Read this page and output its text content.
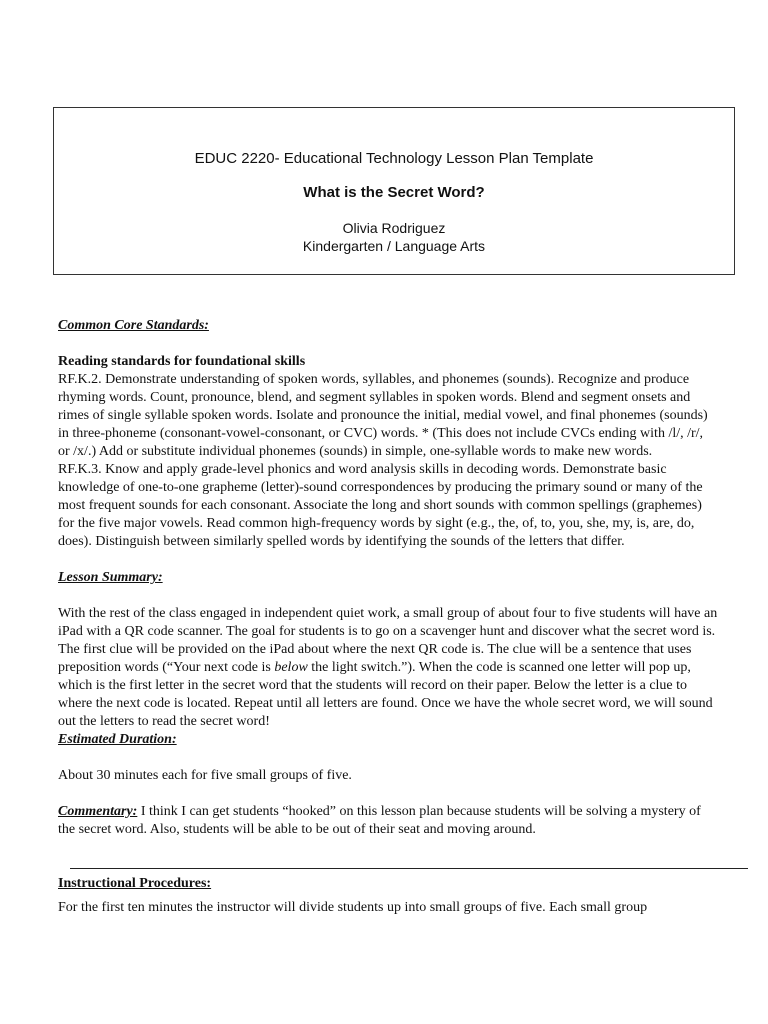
EDUC 2220- Educational Technology Lesson Plan Template
What is the Secret Word?
Olivia Rodriguez
Kindergarten / Language Arts

Common Core Standards:

Reading standards for foundational skills

RF.K.2. Demonstrate understanding of spoken words, syllables, and phonemes (sounds). Recognize and produce rhyming words. Count, pronounce, blend, and segment syllables in spoken words. Blend and segment onsets and rimes of single syllable spoken words. Isolate and pronounce the initial, medial vowel, and final phonemes (sounds) in three-phoneme (consonant-vowel-consonant, or CVC) words. * (This does not include CVCs ending with /l/, /r/, or /x/.) Add or substitute individual phonemes (sounds) in simple, one-syllable words to make new words.

RF.K.3. Know and apply grade-level phonics and word analysis skills in decoding words. Demonstrate basic knowledge of one-to-one grapheme (letter)-sound correspondences by producing the primary sound or many of the most frequent sounds for each consonant. Associate the long and short sounds with common spellings (graphemes) for the five major vowels. Read common high-frequency words by sight (e.g., the, of, to, you, she, my, is, are, do, does). Distinguish between similarly spelled words by identifying the sounds of the letters that differ.

Lesson Summary:

With the rest of the class engaged in independent quiet work, a small group of about four to five students will have an iPad with a QR code scanner. The goal for students is to go on a scavenger hunt and discover what the secret word is. The first clue will be provided on the iPad about where the next QR code is. The clue will be a sentence that uses preposition words (“Your next code is below the light switch.”). When the code is scanned one letter will pop up, which is the first letter in the secret word that the students will record on their paper. Below the letter is a clue to where the next code is located. Repeat until all letters are found. Once we have the whole secret word, we will sound out the letters to read the secret word!

Estimated Duration:

About 30 minutes each for five small groups of five.

Commentary: I think I can get students “hooked” on this lesson plan because students will be solving a mystery of the secret word. Also, students will be able to be out of their seat and moving around.

Instructional Procedures:

For the first ten minutes the instructor will divide students up into small groups of five. Each small group
